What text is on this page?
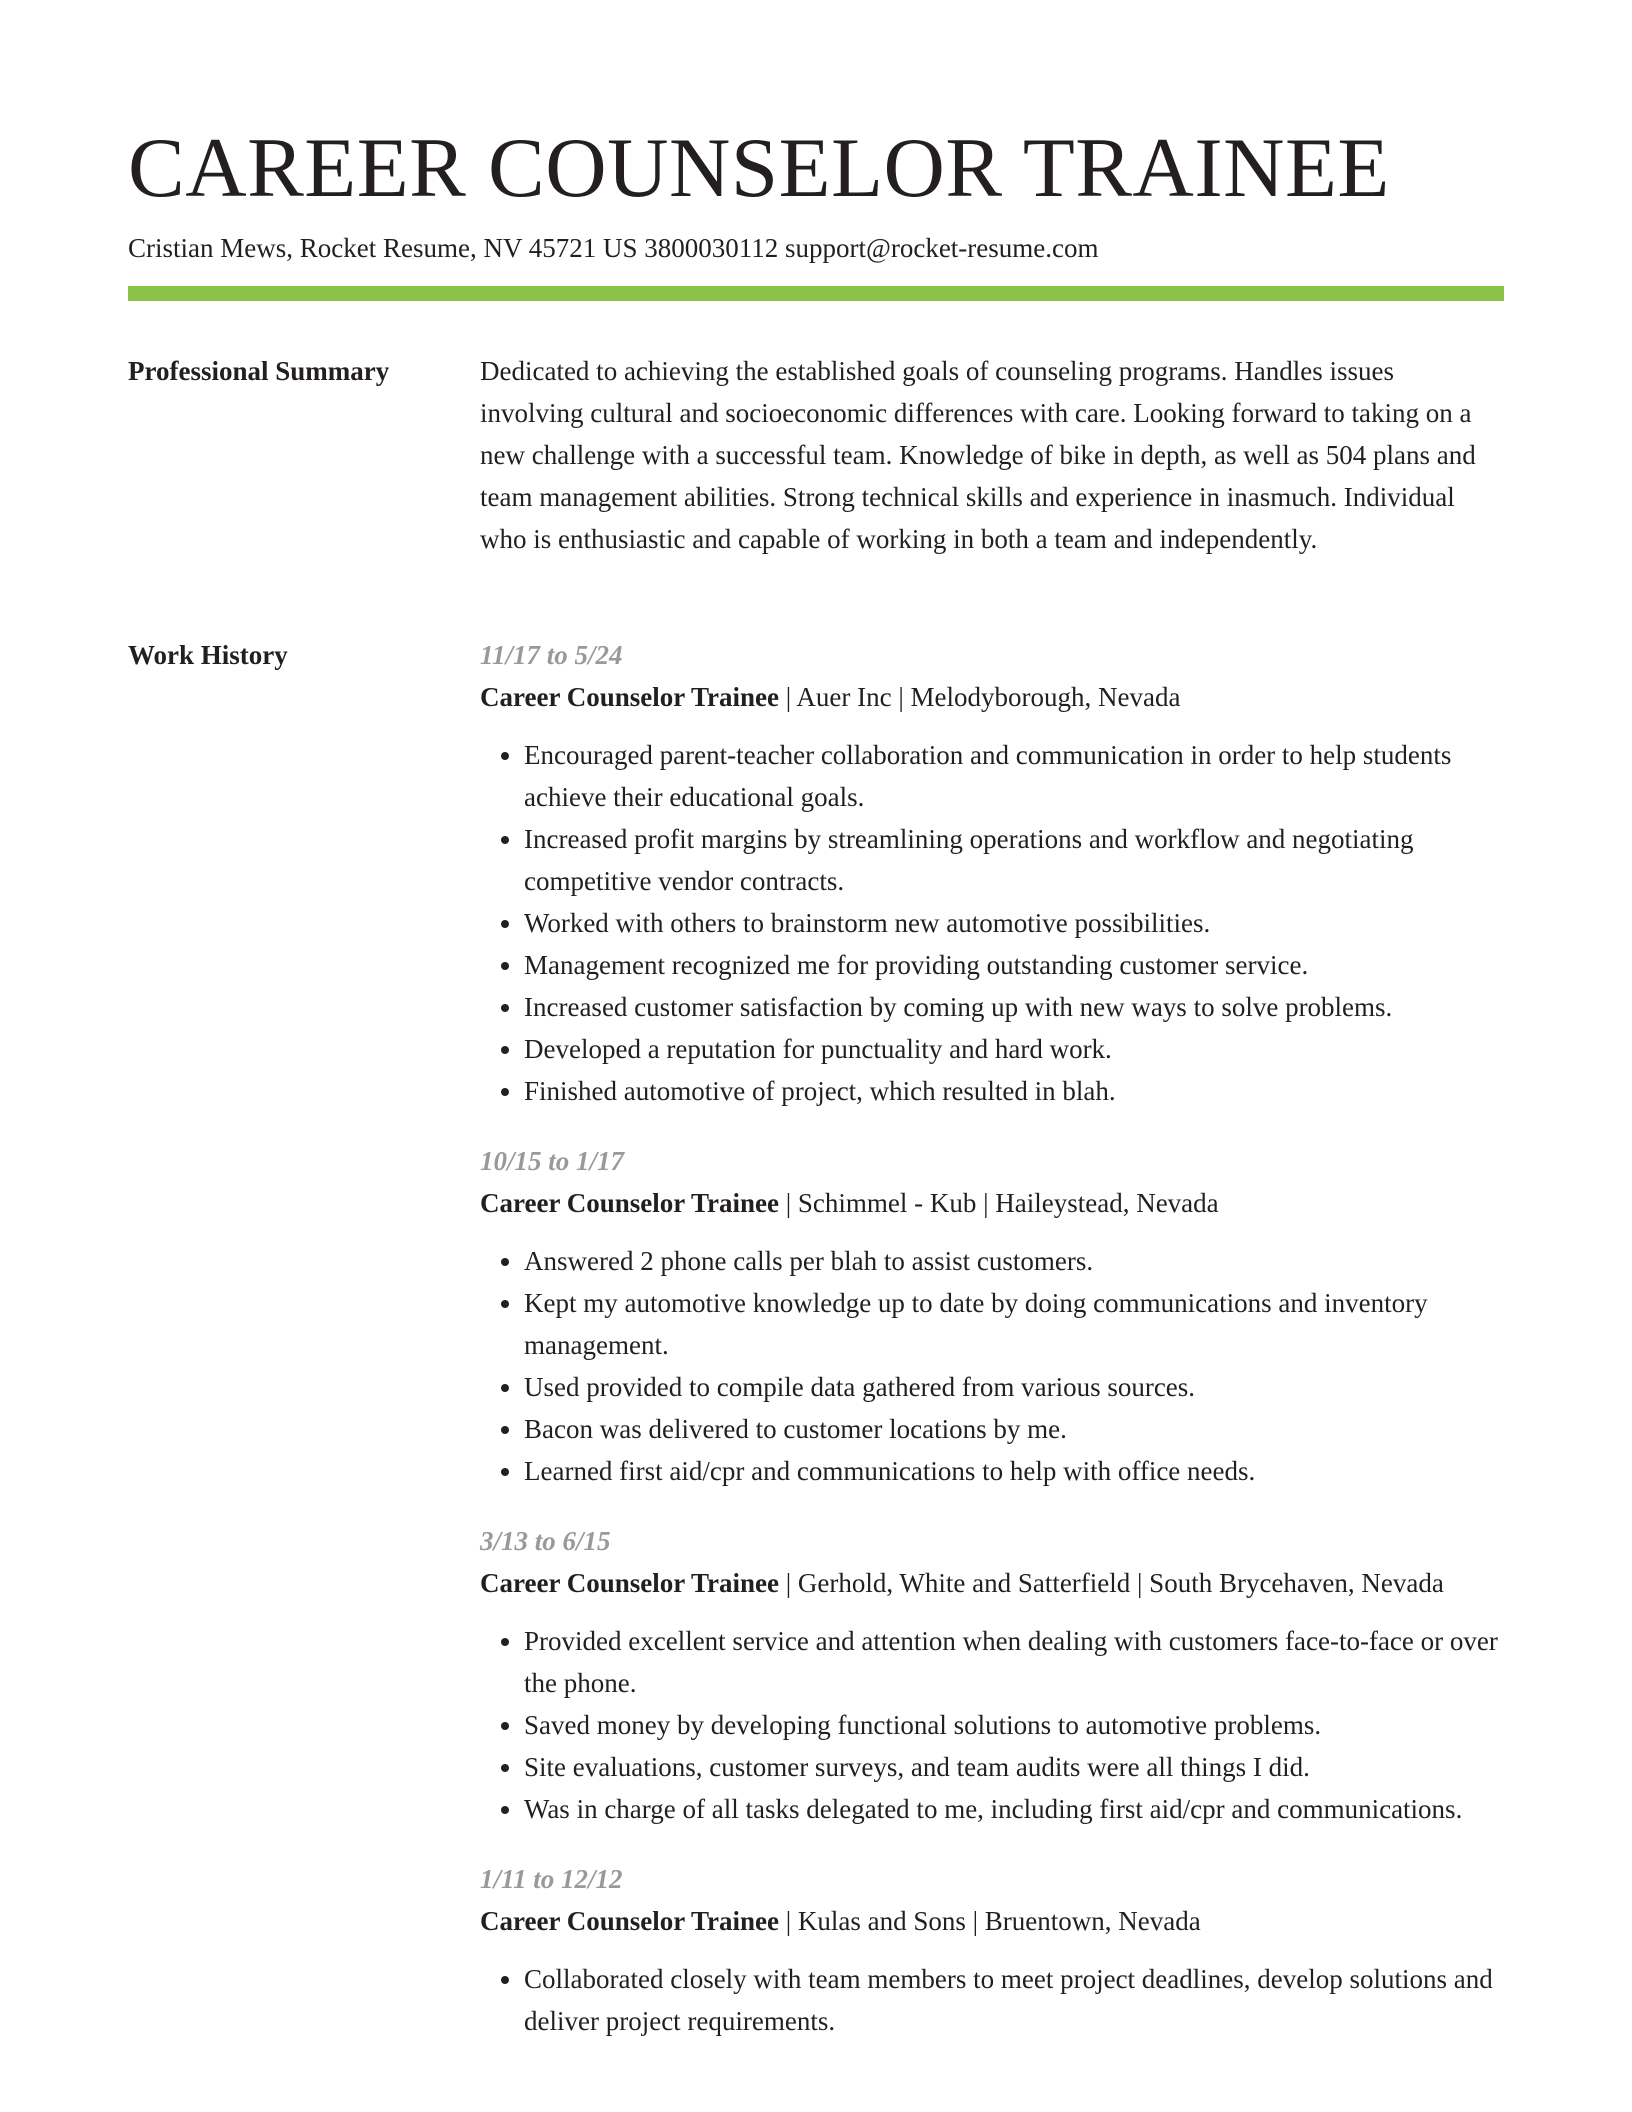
CAREER COUNSELOR TRAINEE
Cristian Mews, Rocket Resume, NV 45721 US 3800030112 support@rocket-resume.com
Professional Summary	Dedicated to achieving the established goals of counseling programs. Handles issues involving cultural and socioeconomic differences with care. Looking forward to taking on a new challenge with a successful team. Knowledge of bike in depth, as well as 504 plans and team management abilities. Strong technical skills and experience in inasmuch. Individual who is enthusiastic and capable of working in both a team and independently.

Work History	11/17 to 5/24
Career Counselor Trainee | Auer Inc | Melodyborough, Nevada
• Encouraged parent-teacher collaboration and communication in order to help students achieve their educational goals.
• Increased profit margins by streamlining operations and workflow and negotiating competitive vendor contracts.
• Worked with others to brainstorm new automotive possibilities.
• Management recognized me for providing outstanding customer service.
• Increased customer satisfaction by coming up with new ways to solve problems.
• Developed a reputation for punctuality and hard work.
• Finished automotive of project, which resulted in blah.
10/15 to 1/17
Career Counselor Trainee | Schimmel - Kub | Haileystead, Nevada
• Answered 2 phone calls per blah to assist customers.
• Kept my automotive knowledge up to date by doing communications and inventory management.
• Used provided to compile data gathered from various sources.
• Bacon was delivered to customer locations by me.
• Learned first aid/cpr and communications to help with office needs.
3/13 to 6/15
Career Counselor Trainee | Gerhold, White and Satterfield | South Brycehaven, Nevada
• Provided excellent service and attention when dealing with customers face-to-face or over the phone.
• Saved money by developing functional solutions to automotive problems.
• Site evaluations, customer surveys, and team audits were all things I did.
• Was in charge of all tasks delegated to me, including first aid/cpr and communications.
1/11 to 12/12
Career Counselor Trainee | Kulas and Sons | Bruentown, Nevada
• Collaborated closely with team members to meet project deadlines, develop solutions and deliver project requirements.
